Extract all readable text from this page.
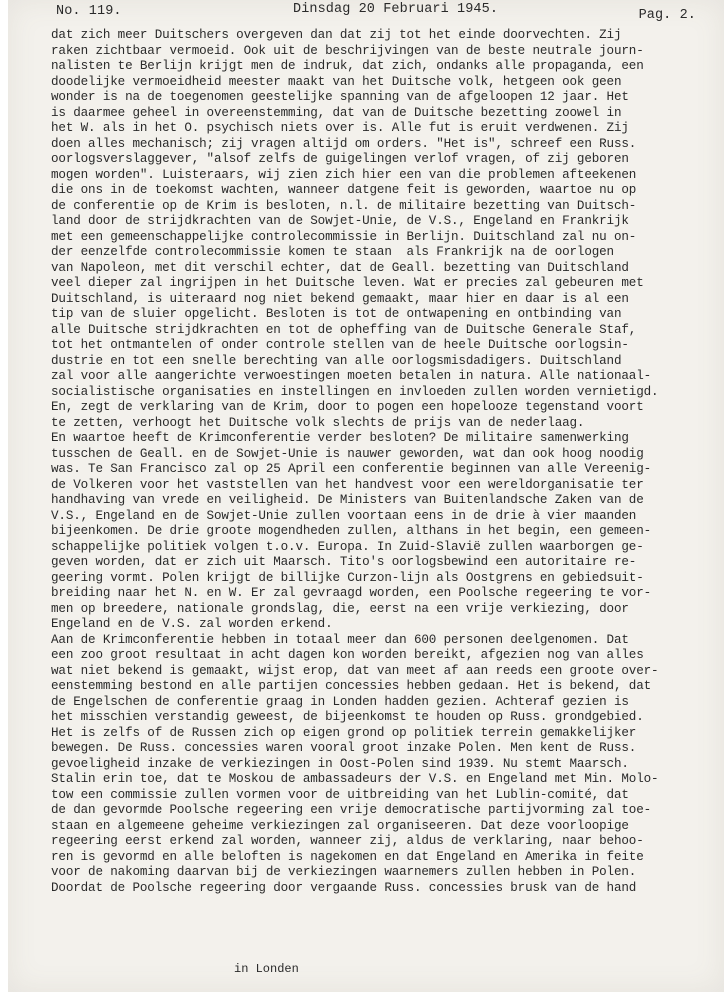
No. 119.	Dinsdag 20 Februari 1945.	Pag. 2.
dat zich meer Duitschers overgeven dan dat zij tot het einde doorvechten. Zij
raken zichtbaar vermoeid. Ook uit de beschrijvingen van de beste neutrale journ-
nalisten te Berlijn krijgt men de indruk, dat zich, ondanks alle propaganda, een
doodelijke vermoeidheid meester maakt van het Duitsche volk, hetgeen ook geen
wonder is na de toegenomen geestelijke spanning van de afgeloopen 12 jaar. Het
is daarmee geheel in overeenstemming, dat van de Duitsche bezetting zoowel in
het W. als in het O. psychisch niets over is. Alle fut is eruit verdwenen. Zij
doen alles mechanisch; zij vragen altijd om orders. "Het is", schreef een Russ.
oorlogsverslaggever, "alsof zelfs de guigelingen verlof vragen, of zij geboren
mogen worden". Luisteraars, wij zien zich hier een van die problemen afteekenen
die ons in de toekomst wachten, wanneer datgene feit is geworden, waartoe nu op
de conferentie op de Krim is besloten, n.l. de militaire bezetting van Duitsch-
land door de strijdkrachten van de Sowjet-Unie, de V.S., Engeland en Frankrijk
met een gemeenschappelijke controlecommissie in Berlijn. Duitschland zal nu on-
der eenzelfde controlecommissie komen te staan  als Frankrijk na de oorlogen
van Napoleon, met dit verschil echter, dat de Geall. bezetting van Duitschland
veel dieper zal ingrijpen in het Duitsche leven. Wat er precies zal gebeuren met
Duitschland, is uiteraard nog niet bekend gemaakt, maar hier en daar is al een
tip van de sluier opgelicht. Besloten is tot de ontwapening en ontbinding van
alle Duitsche strijdkrachten en tot de opheffing van de Duitsche Generale Staf,
tot het ontmantelen of onder controle stellen van de heele Duitsche oorlogsin-
dustrie en tot een snelle berechting van alle oorlogsmisdadigers. Duitschland
zal voor alle aangerichte verwoestingen moeten betalen in natura. Alle nationaal-
socialistische organisaties en instellingen en invloeden zullen worden vernietigd.
En, zegt de verklaring van de Krim, door to pogen een hopelooze tegenstand voort
te zetten, verhoogt het Duitsche volk slechts de prijs van de nederlaag.
En waartoe heeft de Krimconferentie verder besloten? De militaire samenwerking
tusschen de Geall. en de Sowjet-Unie is nauwer geworden, wat dan ook hoog noodig
was. Te San Francisco zal op 25 April een conferentie beginnen van alle Vereenig-
de Volkeren voor het vaststellen van het handvest voor een wereldorganisatie ter
handhaving van vrede en veiligheid. De Ministers van Buitenlandsche Zaken van de
V.S., Engeland en de Sowjet-Unie zullen voortaan eens in de drie à vier maanden
bijeenkomen. De drie groote mogendheden zullen, althans in het begin, een gemeen-
schappelijke politiek volgen t.o.v. Europa. In Zuid-Slavië zullen waarborgen ge-
geven worden, dat er zich uit Maarsch. Tito's oorlogsbewind een autoritaire re-
geering vormt. Polen krijgt de billijke Curzon-lijn als Oostgrens en gebiedsuit-
breiding naar het N. en W. Er zal gevraagd worden, een Poolsche regeering te vor-
men op breedere, nationale grondslag, die, eerst na een vrije verkiezing, door
Engeland en de V.S. zal worden erkend.
Aan de Krimconferentie hebben in totaal meer dan 600 personen deelgenomen. Dat
een zoo groot resultaat in acht dagen kon worden bereikt, afgezien nog van alles
wat niet bekend is gemaakt, wijst erop, dat van meet af aan reeds een groote over-
eenstemming bestond en alle partijen concessies hebben gedaan. Het is bekend, dat
de Engelschen de conferentie graag in Londen hadden gezien. Achteraf gezien is
het misschien verstandig geweest, de bijeenkomst te houden op Russ. grondgebied.
Het is zelfs of de Russen zich op eigen grond op politiek terrein gemakkelijker
bewegen. De Russ. concessies waren vooral groot inzake Polen. Men kent de Russ.
gevoeligheid inzake de verkiezingen in Oost-Polen sind 1939. Nu stemt Maarsch.
Stalin erin toe, dat te Moskou de ambassadeurs der V.S. en Engeland met Min. Molo-
tow een commissie zullen vormen voor de uitbreiding van het Lublin-comité, dat
de dan gevormde Poolsche regeering een vrije democratische partijvorming zal toe-
staan en algemeene geheime verkiezingen zal organiseeren. Dat deze voorloopige
regeering eerst erkend zal worden, wanneer zij, aldus de verklaring, naar behoo-
ren is gevormd en alle beloften is nagekomen en dat Engeland en Amerika in feite
voor de nakoming daarvan bij de verkiezingen waarnemers zullen hebben in Polen.
Doordat de Poolsche regeering door vergaande Russ. concessies brusk van de hand
in Londen
